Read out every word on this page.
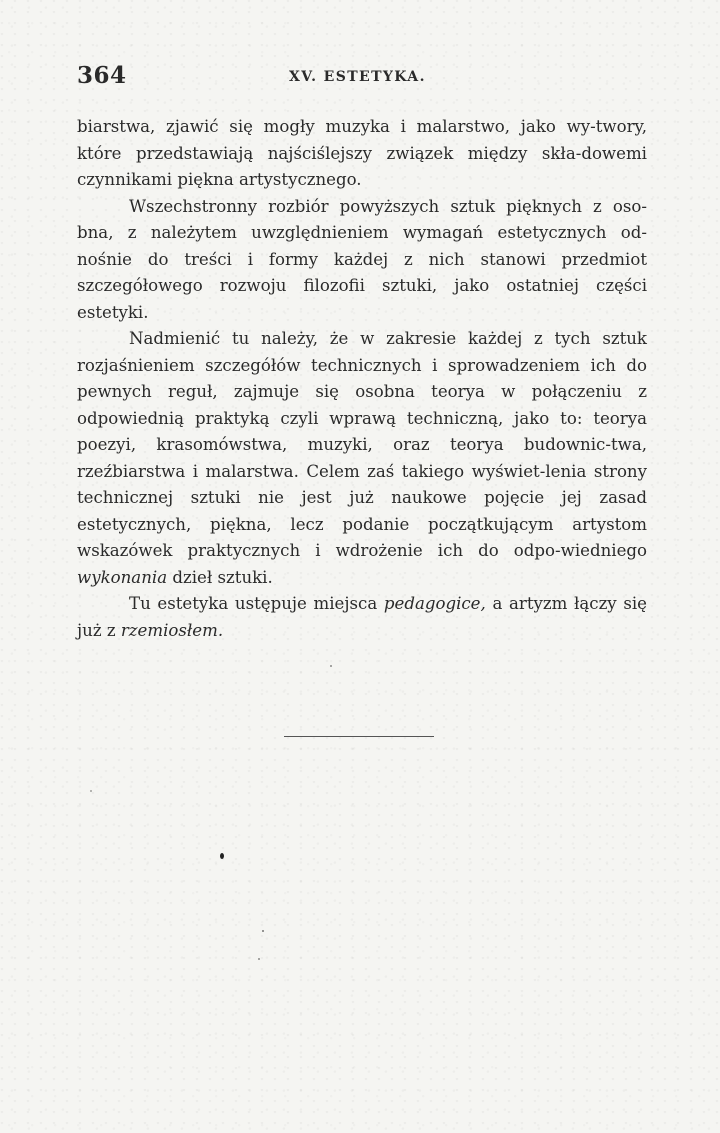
364	XV. ESTETYKA.

biarstwa, zjawić się mogły muzyka i malarstwo, jako wy-twory, które przedstawiają najściślejszy związek między skła-dowemi czynnikami piękna artystycznego.

Wszechstronny rozbiór powyższych sztuk pięknych z oso-bna, z należytem uwzględnieniem wymagań estetycznych od-nośnie do treści i formy każdej z nich stanowi przedmiot szczegółowego rozwoju filozofii sztuki, jako ostatniej części estetyki.

Nadmienić tu należy, że w zakresie każdej z tych sztuk rozjaśnieniem szczegółów technicznych i sprowadzeniem ich do pewnych reguł, zajmuje się osobna teorya w połączeniu z odpowiednią praktyką czyli wprawą techniczną, jako to: teorya poezyi, krasomówstwa, muzyki, oraz teorya budownic-twa, rzeźbiarstwa i malarstwa. Celem zaś takiego wyświet-lenia strony technicznej sztuki nie jest już naukowe pojęcie jej zasad estetycznych, piękna, lecz podanie początkującym artystom wskazówek praktycznych i wdrożenie ich do odpo-wiedniego wykonania dzieł sztuki.

Tu estetyka ustępuje miejsca pedagogice, a artyzm łączy się już z rzemiosłem.
